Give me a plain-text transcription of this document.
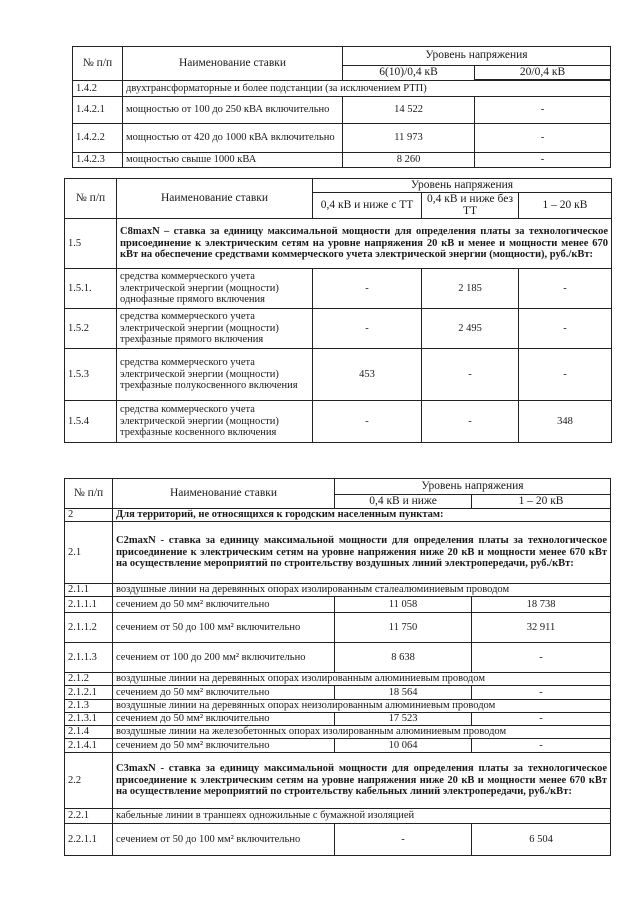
№ п/п	Наименование ставки	Уровень напряжения	
		6(10)/0,4 кВ	20/0,4 кВ

1.4.2	двухтрансформаторные и более подстанции (за исключением РТП)		
1.4.2.1	мощностью от 100 до 250 кВА включительно	14 522	-
1.4.2.2	мощностью от 420 до 1000 кВА включительно	11 973	-
1.4.2.3	мощностью свыше 1000 кВА	8 260	-
№ п/п	Наименование ставки	Уровень напряжения		
		0,4 кВ и ниже с ТТ	0,4 кВ и ниже без ТТ	1 – 20 кВ
1.5	C8maxN – ставка за единицу максимальной мощности для определения платы за технологическое присоединение к электрическим сетям на уровне напряжения 20 кВ и менее и мощности менее 670 кВт на обеспечение средствами коммерческого учета электрической энергии (мощности), руб./кВт:			
1.5.1.	средства коммерческого учета электрической энергии (мощности) однофазные прямого включения	-	2 185	-
1.5.2	средства коммерческого учета электрической энергии (мощности) трехфазные прямого включения	-	2 495	-
1.5.3	средства коммерческого учета электрической энергии (мощности) трехфазные полукосвенного включения	453	-	-
1.5.4	средства коммерческого учета электрической энергии (мощности) трехфазные косвенного включения	-	-	348
№ п/п	Наименование ставки	Уровень напряжения	
		0,4 кВ и ниже	1 – 20 кВ
2	Для территорий, не относящихся к городским населенным пунктам:		
2.1	C2maxN - ставка за единицу максимальной мощности для определения платы за технологическое присоединение к электрическим сетям на уровне напряжения ниже 20 кВ и мощности менее 670 кВт на осуществление мероприятий по строительству воздушных линий электропередачи, руб./кВт:		
2.1.1	воздушные линии на деревянных опорах изолированным сталеалюминиевым проводом		
2.1.1.1	сечением до 50 мм² включительно	11 058	18 738
2.1.1.2	сечением от 50 до 100 мм² включительно	11 750	32 911
2.1.1.3	сечением от 100 до 200 мм² включительно	8 638	-
2.1.2	воздушные линии на деревянных опорах изолированным алюминиевым проводом		
2.1.2.1	сечением до 50 мм² включительно	18 564	-
2.1.3	воздушные линии на деревянных опорах неизолированным алюминиевым проводом		
2.1.3.1	сечением до 50 мм² включительно	17 523	-
2.1.4	воздушные линии на железобетонных опорах изолированным алюминиевым проводом		
2.1.4.1	сечением до 50 мм² включительно	10 064	-
2.2	C3maxN - ставка за единицу максимальной мощности для определения платы за технологическое присоединение к электрическим сетям на уровне напряжения ниже 20 кВ и мощности менее 670 кВт на осуществление мероприятий по строительству кабельных линий электропередачи, руб./кВт:		
2.2.1	кабельные линии в траншеях одножильные с бумажной изоляцией		
2.2.1.1	сечением от 50 до 100 мм² включительно	-	6 504
